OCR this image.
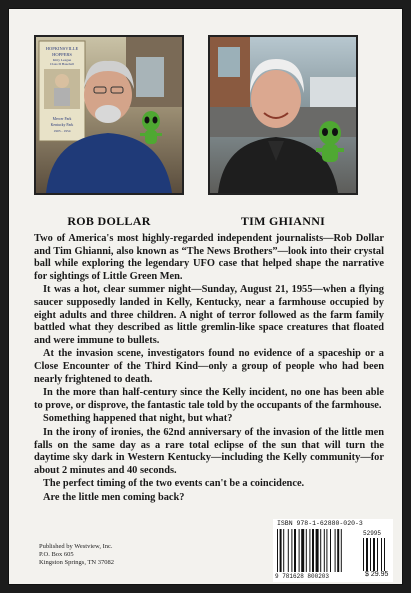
HOPKINSVILLE
HOPPERS
Kitty League
Class D Baseball
Mercer Park
Kentucky Park
1903 - 1954
ROB DOLLAR	TIM GHIANNI

Two of America's most highly-regarded independent journalists—Rob Dollar and Tim Ghianni, also known as “The News Brothers”—look into their crystal ball while exploring the legendary UFO case that helped shape the narrative for sightings of Little Green Men.

It was a hot, clear summer night—Sunday, August 21, 1955—when a flying saucer supposedly landed in Kelly, Kentucky, near a farmhouse occupied by eight adults and three children. A night of terror followed as the farm family battled what they described as little gremlin-like space creatures that floated and were immune to bullets.

At the invasion scene, investigators found no evidence of a spaceship or a Close Encounter of the Third Kind—only a group of people who had been nearly frightened to death.

In the more than half-century since the Kelly incident, no one has been able to prove, or disprove, the fantastic tale told by the occupants of the farmhouse.

Something happened that night, but what?

In the irony of ironies, the 62nd anniversary of the invasion of the little men falls on the same day as a rare total eclipse of the sun that will turn the daytime sky dark in Western Kentucky—including the Kelly community—for about 2 minutes and 40 seconds.

The perfect timing of the two events can't be a coincidence.

Are the little men coming back?

Published by Westview, Inc.
P.O. Box 605
Kingston Springs, TN 37082
ISBN 978-1-62880-020-3
52995
9 781628 800203	$ 29.95
